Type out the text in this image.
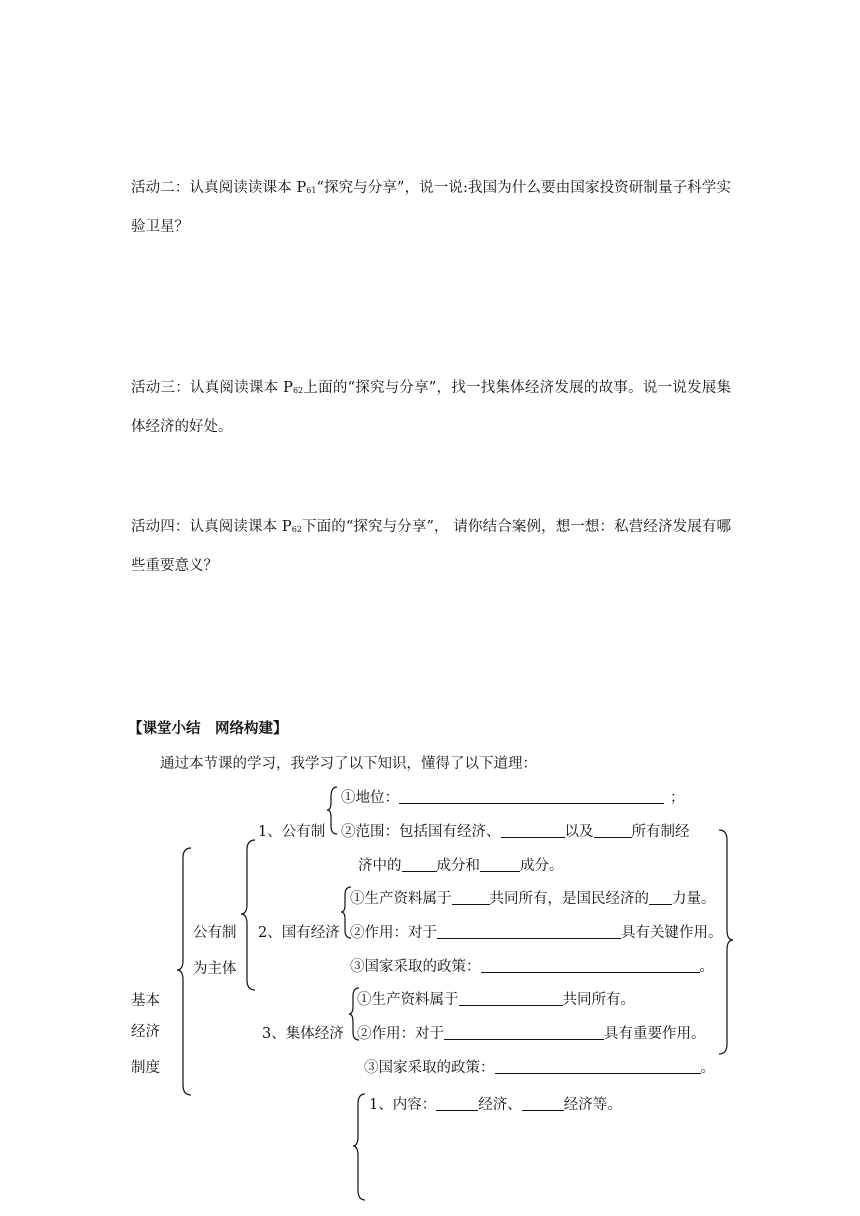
活动二：认真阅读读课本 $P_{61}“$探究与分享”，说一说:我国为什么要由国家投资研制量子科学实验卫星？
活动三：认真阅读课本 $P_{62}$上面的“探究与分享”，找一找集体经济发展的故事。说一说发展集体经济的好处。
活动四：认真阅读课本 $P_{62}$下面的“探究与分享”， 请你结合案例，想一想：私营经济发展有哪些重要意义？
【课堂小结　网络构建】
通过本节课的学习，我学习了以下知识，懂得了以下道理：
基本
经济
制度
公有制
为主体
1、公有制
①地位：	；
②范围：包括国有经济、	以及	所有制经
济中的 成分和	成分。
2、国有经济
①生产资料属于	共同所有，是国民经济的 力量。
②作用：对于	具有关键作用。
③国家采取的政策：	。
3、集体经济
①生产资料属于	共同所有。
②作用：对于	具有重要作用。
③国家采取的政策：	。
1、内容：	经济、	经济等。
